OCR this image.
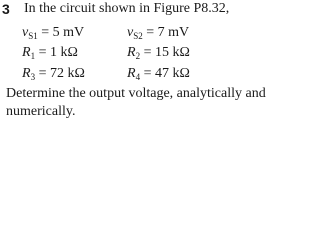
3 In the circuit shown in Figure P8.32,
$v_{S1} = 5$ mV	$v_{S2} = 7$ mV
$R_1 = 1$ kΩ	$R_2 = 15$ kΩ
$R_3 = 72$ kΩ	$R_4 = 47$ kΩ
Determine the output voltage, analytically and
numerically.
